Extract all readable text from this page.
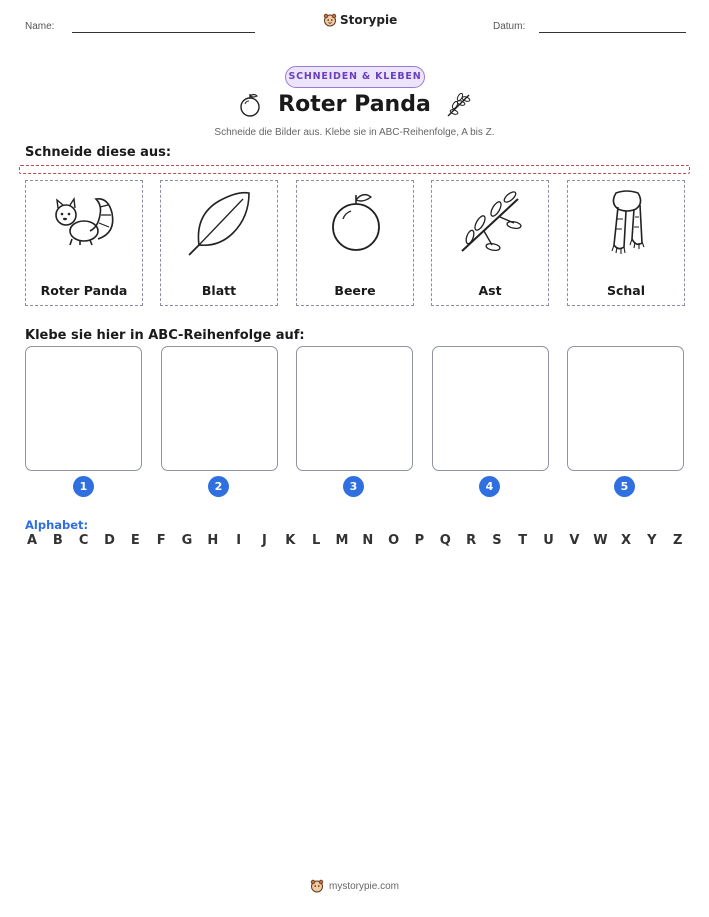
Name:	Storypie	Datum:
SCHNEIDEN & KLEBEN
Roter Panda
Schneide die Bilder aus. Klebe sie in ABC-Reihenfolge, A bis Z.
Schneide diese aus:
Roter Panda	Blatt	Beere	Ast	Schal
Klebe sie hier in ABC-Reihenfolge auf:
1	2	3	4	5
Alphabet:
A B C D E F G H	I	J	K L M N O P Q R S T U V W X Y Z
mystorypie.com
